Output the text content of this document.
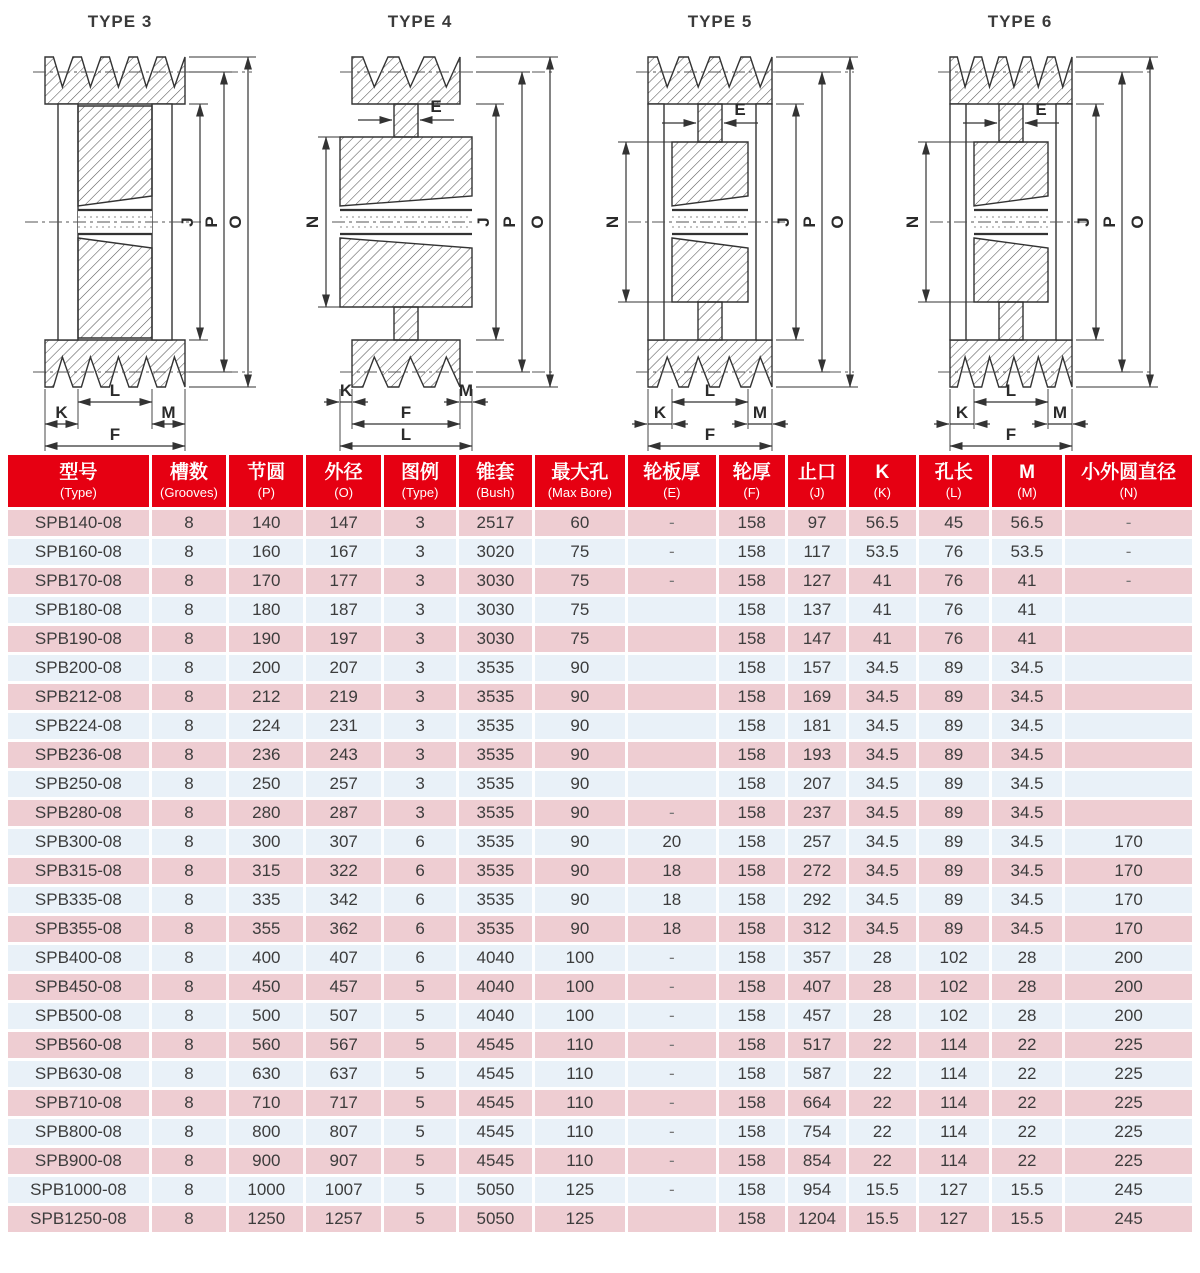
TYPE 3
J P O
L
K	M
F
TYPE 4
J P O
N
E
K	M
F
L
TYPE 5
J P O
N
E
L
K	M
F
TYPE 6
J P O
N
E
L
K	M
F
型号
(Type)

槽数
(Grooves)

节圆
(P)

外径
(O)

图例
(Type)

锥套
(Bush)

最大孔
(Max Bore)

轮板厚
(E)

轮厚
(F)

止口
(J)

K
(K)

孔长
(L)

M
(M)

小外圆直径
(N)

SPB140-08	8	140	147	3	2517	60	-	158	97	56.5	45	56.5	-
SPB160-08	8	160	167	3	3020	75	-	158	117	53.5	76	53.5	-
SPB170-08	8	170	177	3	3030	75	-	158	127	41	76	41	-
SPB180-08	8	180	187	3	3030	75		158	137	41	76	41	
SPB190-08	8	190	197	3	3030	75		158	147	41	76	41	
SPB200-08	8	200	207	3	3535	90		158	157	34.5	89	34.5	
SPB212-08	8	212	219	3	3535	90		158	169	34.5	89	34.5	
SPB224-08	8	224	231	3	3535	90		158	181	34.5	89	34.5	
SPB236-08	8	236	243	3	3535	90		158	193	34.5	89	34.5	
SPB250-08	8	250	257	3	3535	90		158	207	34.5	89	34.5	
SPB280-08	8	280	287	3	3535	90	-	158	237	34.5	89	34.5	
SPB300-08	8	300	307	6	3535	90	20	158	257	34.5	89	34.5	170
SPB315-08	8	315	322	6	3535	90	18	158	272	34.5	89	34.5	170
SPB335-08	8	335	342	6	3535	90	18	158	292	34.5	89	34.5	170
SPB355-08	8	355	362	6	3535	90	18	158	312	34.5	89	34.5	170
SPB400-08	8	400	407	6	4040	100	-	158	357	28	102	28	200
SPB450-08	8	450	457	5	4040	100	-	158	407	28	102	28	200
SPB500-08	8	500	507	5	4040	100	-	158	457	28	102	28	200
SPB560-08	8	560	567	5	4545	110	-	158	517	22	114	22	225
SPB630-08	8	630	637	5	4545	110	-	158	587	22	114	22	225
SPB710-08	8	710	717	5	4545	110	-	158	664	22	114	22	225
SPB800-08	8	800	807	5	4545	110	-	158	754	22	114	22	225
SPB900-08	8	900	907	5	4545	110	-	158	854	22	114	22	225
SPB1000-08	8	1000	1007	5	5050	125	-	158	954	15.5	127	15.5	245
SPB1250-08	8	1250	1257	5	5050	125		158	1204	15.5	127	15.5	245
